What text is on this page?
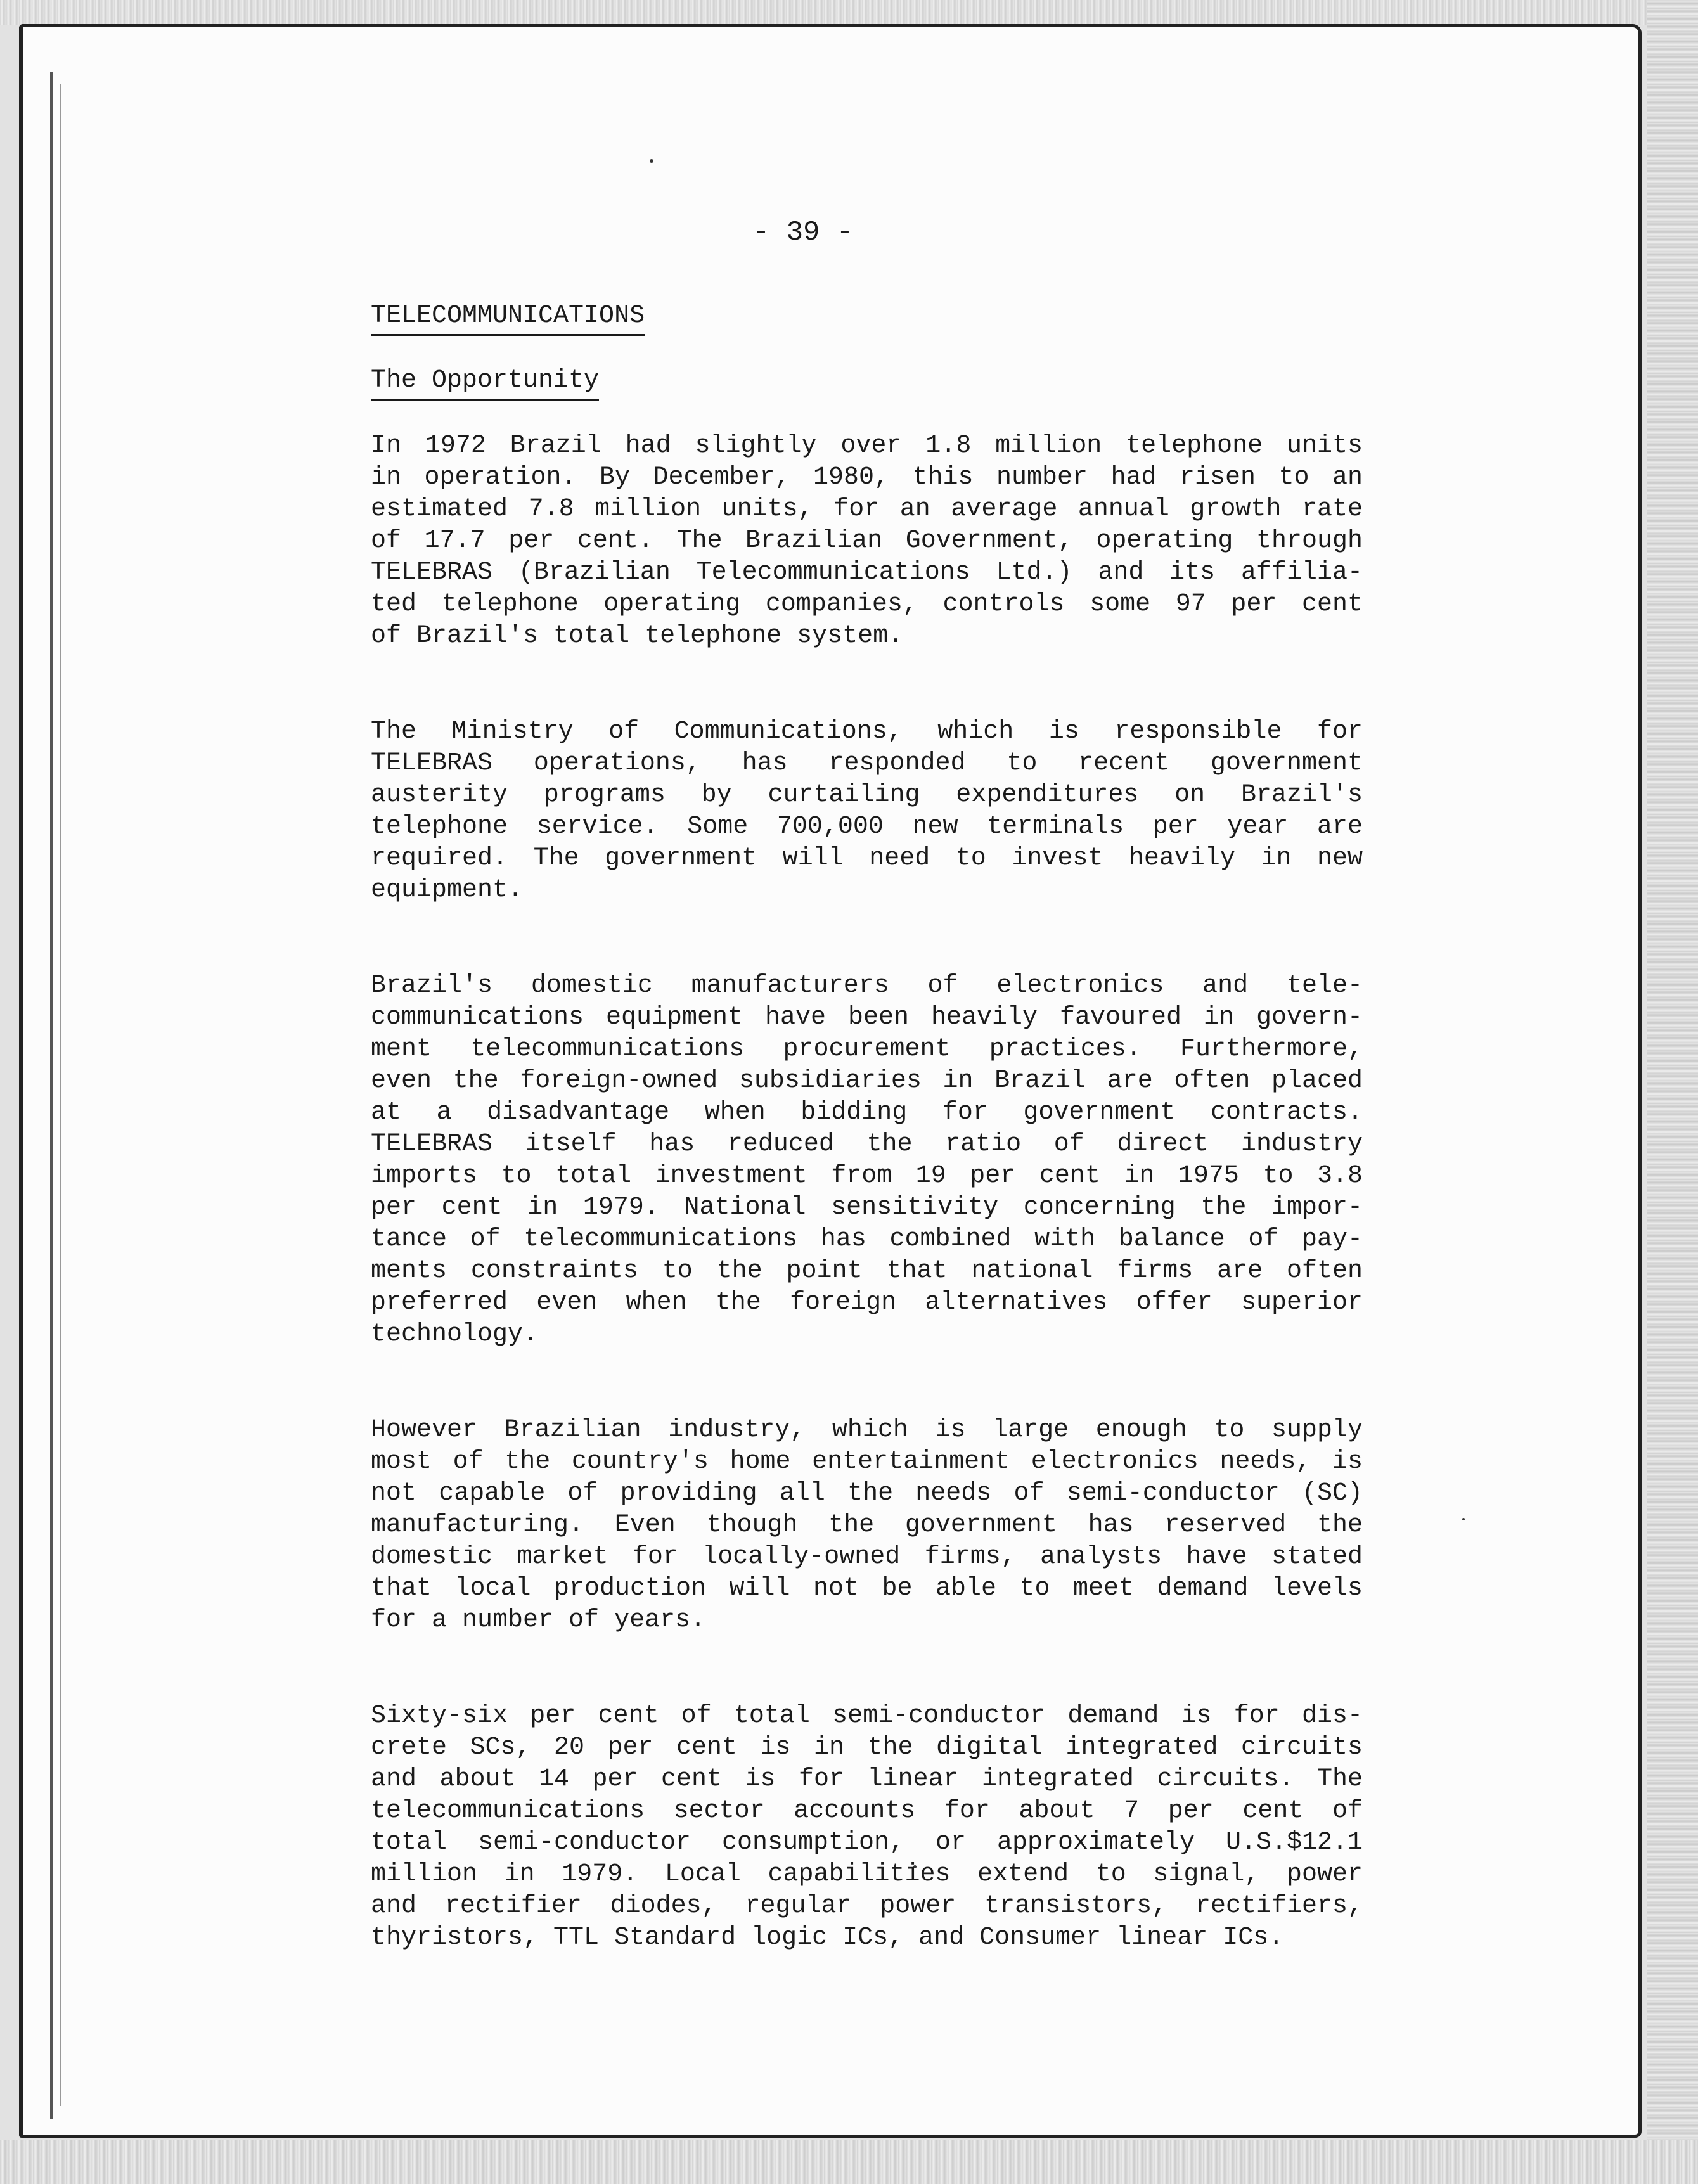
- 39 -
TELECOMMUNICATIONS
The Opportunity
In 1972 Brazil had slightly over 1.8 million telephone units
in operation. By December, 1980, this number had risen to an
estimated 7.8 million units, for an average annual growth rate
of 17.7 per cent. The Brazilian Government, operating through
TELEBRAS (Brazilian Telecommunications Ltd.) and its affilia-
ted telephone operating companies, controls some 97 per cent
of Brazil's total telephone system.
The Ministry of Communications, which is responsible for
TELEBRAS operations, has responded to recent government
austerity programs by curtailing expenditures on Brazil's
telephone service. Some 700,000 new terminals per year are
required. The government will need to invest heavily in new
equipment.
Brazil's domestic manufacturers of electronics and tele-
communications equipment have been heavily favoured in govern-
ment telecommunications procurement practices. Furthermore,
even the foreign-owned subsidiaries in Brazil are often placed
at a disadvantage when bidding for government contracts.
TELEBRAS itself has reduced the ratio of direct industry
imports to total investment from 19 per cent in 1975 to 3.8
per cent in 1979. National sensitivity concerning the impor-
tance of telecommunications has combined with balance of pay-
ments constraints to the point that national firms are often
preferred even when the foreign alternatives offer superior
technology.
However Brazilian industry, which is large enough to supply
most of the country's home entertainment electronics needs, is
not capable of providing all the needs of semi-conductor (SC)
manufacturing. Even though the government has reserved the
domestic market for locally-owned firms, analysts have stated
that local production will not be able to meet demand levels
for a number of years.
Sixty-six per cent of total semi-conductor demand is for dis-
crete SCs, 20 per cent is in the digital integrated circuits
and about 14 per cent is for linear integrated circuits. The
telecommunications sector accounts for about 7 per cent of
total semi-conductor consumption, or approximately U.S.$12.1
million in 1979. Local capabilities extend to signal, power
and rectifier diodes, regular power transistors, rectifiers,
thyristors, TTL Standard logic ICs, and Consumer linear ICs.
